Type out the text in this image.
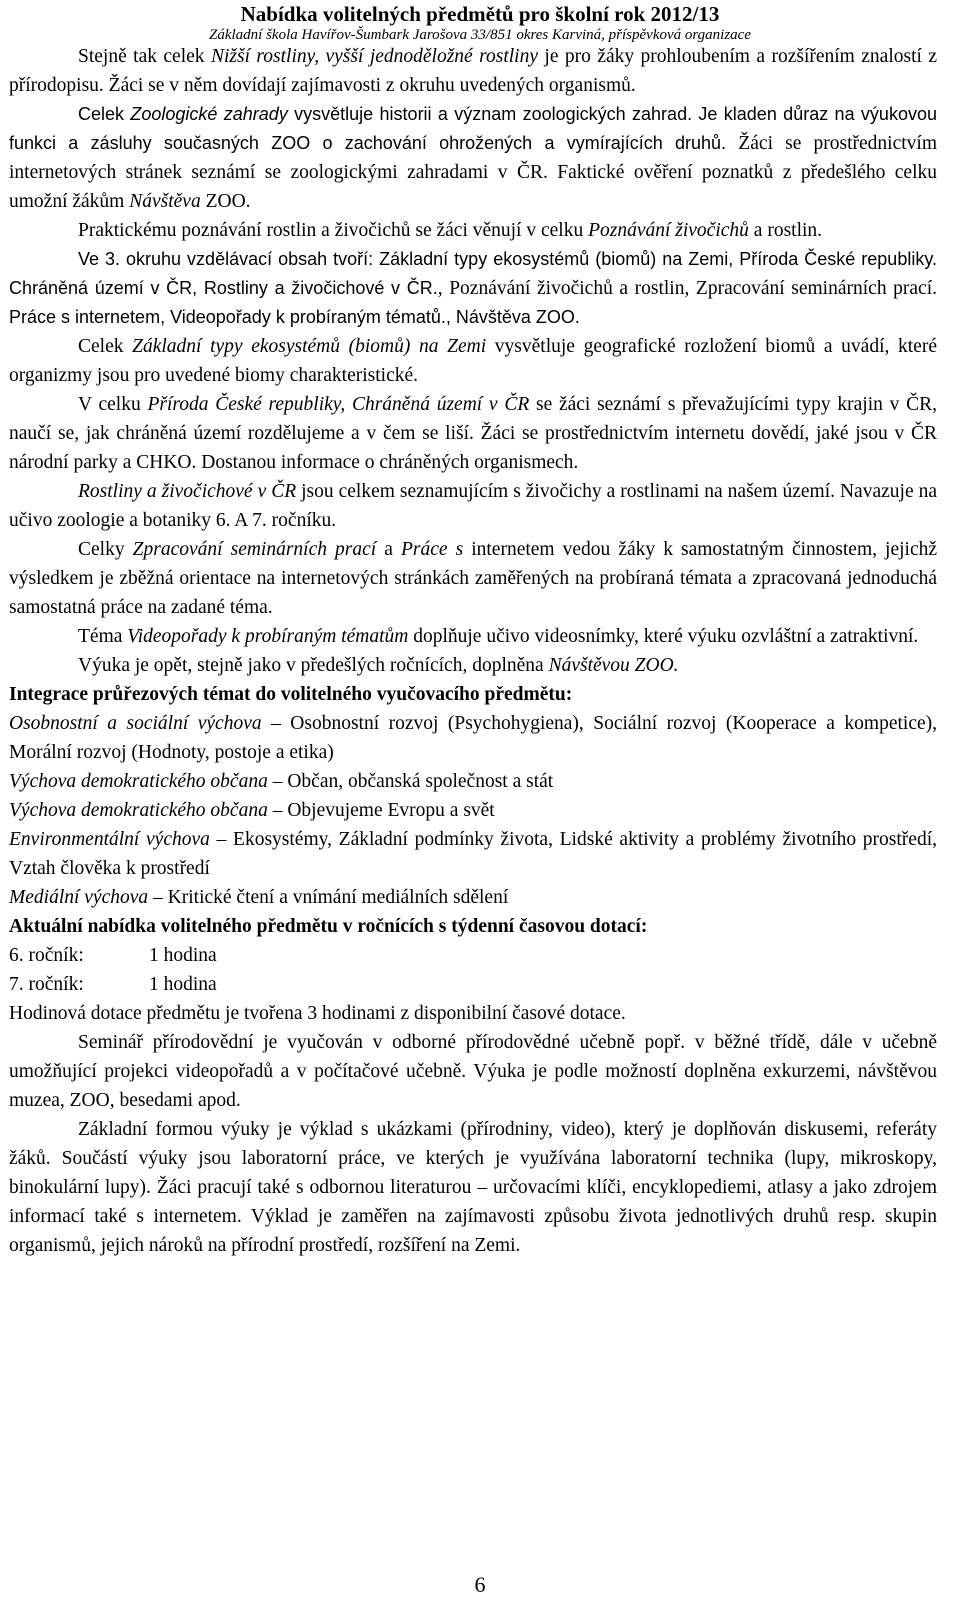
Nabídka volitelných předmětů pro školní rok 2012/13
Základní škola Havířov-Šumbark Jarošova 33/851 okres Karviná, příspěvková organizace

Stejně tak celek Nižší rostliny, vyšší jednoděložné rostliny je pro žáky prohloubením a rozšířením znalostí z přírodopisu. Žáci se v něm dovídají zajímavosti z okruhu uvedených organismů.

Celek Zoologické zahrady vysvětluje historii a význam zoologických zahrad. Je kladen důraz na výukovou funkci a zásluhy současných ZOO o zachování ohrožených a vymírajících druhů. Žáci se prostřednictvím internetových stránek seznámí se zoologickými zahradami v ČR. Faktické ověření poznatků z předešlého celku umožní žákům Návštěva ZOO.

Praktickému poznávání rostlin a živočichů se žáci věnují v celku Poznávání živočichů a rostlin.

Ve 3. okruhu vzdělávací obsah tvoří: Základní typy ekosystémů (biomů) na Zemi, Příroda České republiky. Chráněná území v ČR, Rostliny a živočichové v ČR., Poznávání živočichů a rostlin, Zpracování seminárních prací. Práce s internetem, Videopořady k probíraným tématů., Návštěva ZOO.

Celek Základní typy ekosystémů (biomů) na Zemi vysvětluje geografické rozložení biomů a uvádí, které organizmy jsou pro uvedené biomy charakteristické.

V celku Příroda České republiky, Chráněná území v ČR se žáci seznámí s převažujícími typy krajin v ČR, naučí se, jak chráněná území rozdělujeme a v čem se liší. Žáci se prostřednictvím internetu dovědí, jaké jsou v ČR národní parky a CHKO. Dostanou informace o chráněných organismech.

Rostliny a živočichové v ČR jsou celkem seznamujícím s živočichy a rostlinami na našem území. Navazuje na učivo zoologie a botaniky 6. A 7. ročníku.

Celky Zpracování seminárních prací a Práce s internetem vedou žáky k samostatným činnostem, jejichž výsledkem je zběžná orientace na internetových stránkách zaměřených na probíraná témata a zpracovaná jednoduchá samostatná práce na zadané téma.

Téma Videopořady k probíraným tématům doplňuje učivo videosnímky, které výuku ozvláštní a zatraktivní.

Výuka je opět, stejně jako v předešlých ročnících, doplněna Návštěvou ZOO.

Integrace průřezových témat do volitelného vyučovacího předmětu:

Osobnostní a sociální výchova – Osobnostní rozvoj (Psychohygiena), Sociální rozvoj (Kooperace a kompetice), Morální rozvoj (Hodnoty, postoje a etika)

Výchova demokratického občana – Občan, občanská společnost a stát

Výchova demokratického občana – Objevujeme Evropu a svět

Environmentální výchova – Ekosystémy, Základní podmínky života, Lidské aktivity a problémy životního prostředí, Vztah člověka k prostředí

Mediální výchova – Kritické čtení a vnímání mediálních sdělení

Aktuální nabídka volitelného předmětu v ročnících s týdenní časovou dotací:

6. ročník:	1 hodina
7. ročník:	1 hodina

Hodinová dotace předmětu je tvořena 3 hodinami z disponibilní časové dotace.

Seminář přírodovědní je vyučován v odborné přírodovědné učebně popř. v běžné třídě, dále v učebně umožňující projekci videopořadů a v počítačové učebně. Výuka je podle možností doplněna exkurzemi, návštěvou muzea, ZOO, besedami apod.

Základní formou výuky je výklad s ukázkami (přírodniny, video), který je doplňován diskusemi, referáty žáků. Součástí výuky jsou laboratorní práce, ve kterých je využívána laboratorní technika (lupy, mikroskopy, binokulární lupy). Žáci pracují také s odbornou literaturou – určovacími klíči, encyklopediemi, atlasy a jako zdrojem informací také s internetem. Výklad je zaměřen na zajímavosti způsobu života jednotlivých druhů resp. skupin organismů, jejich nároků na přírodní prostředí, rozšíření na Zemi.

6
